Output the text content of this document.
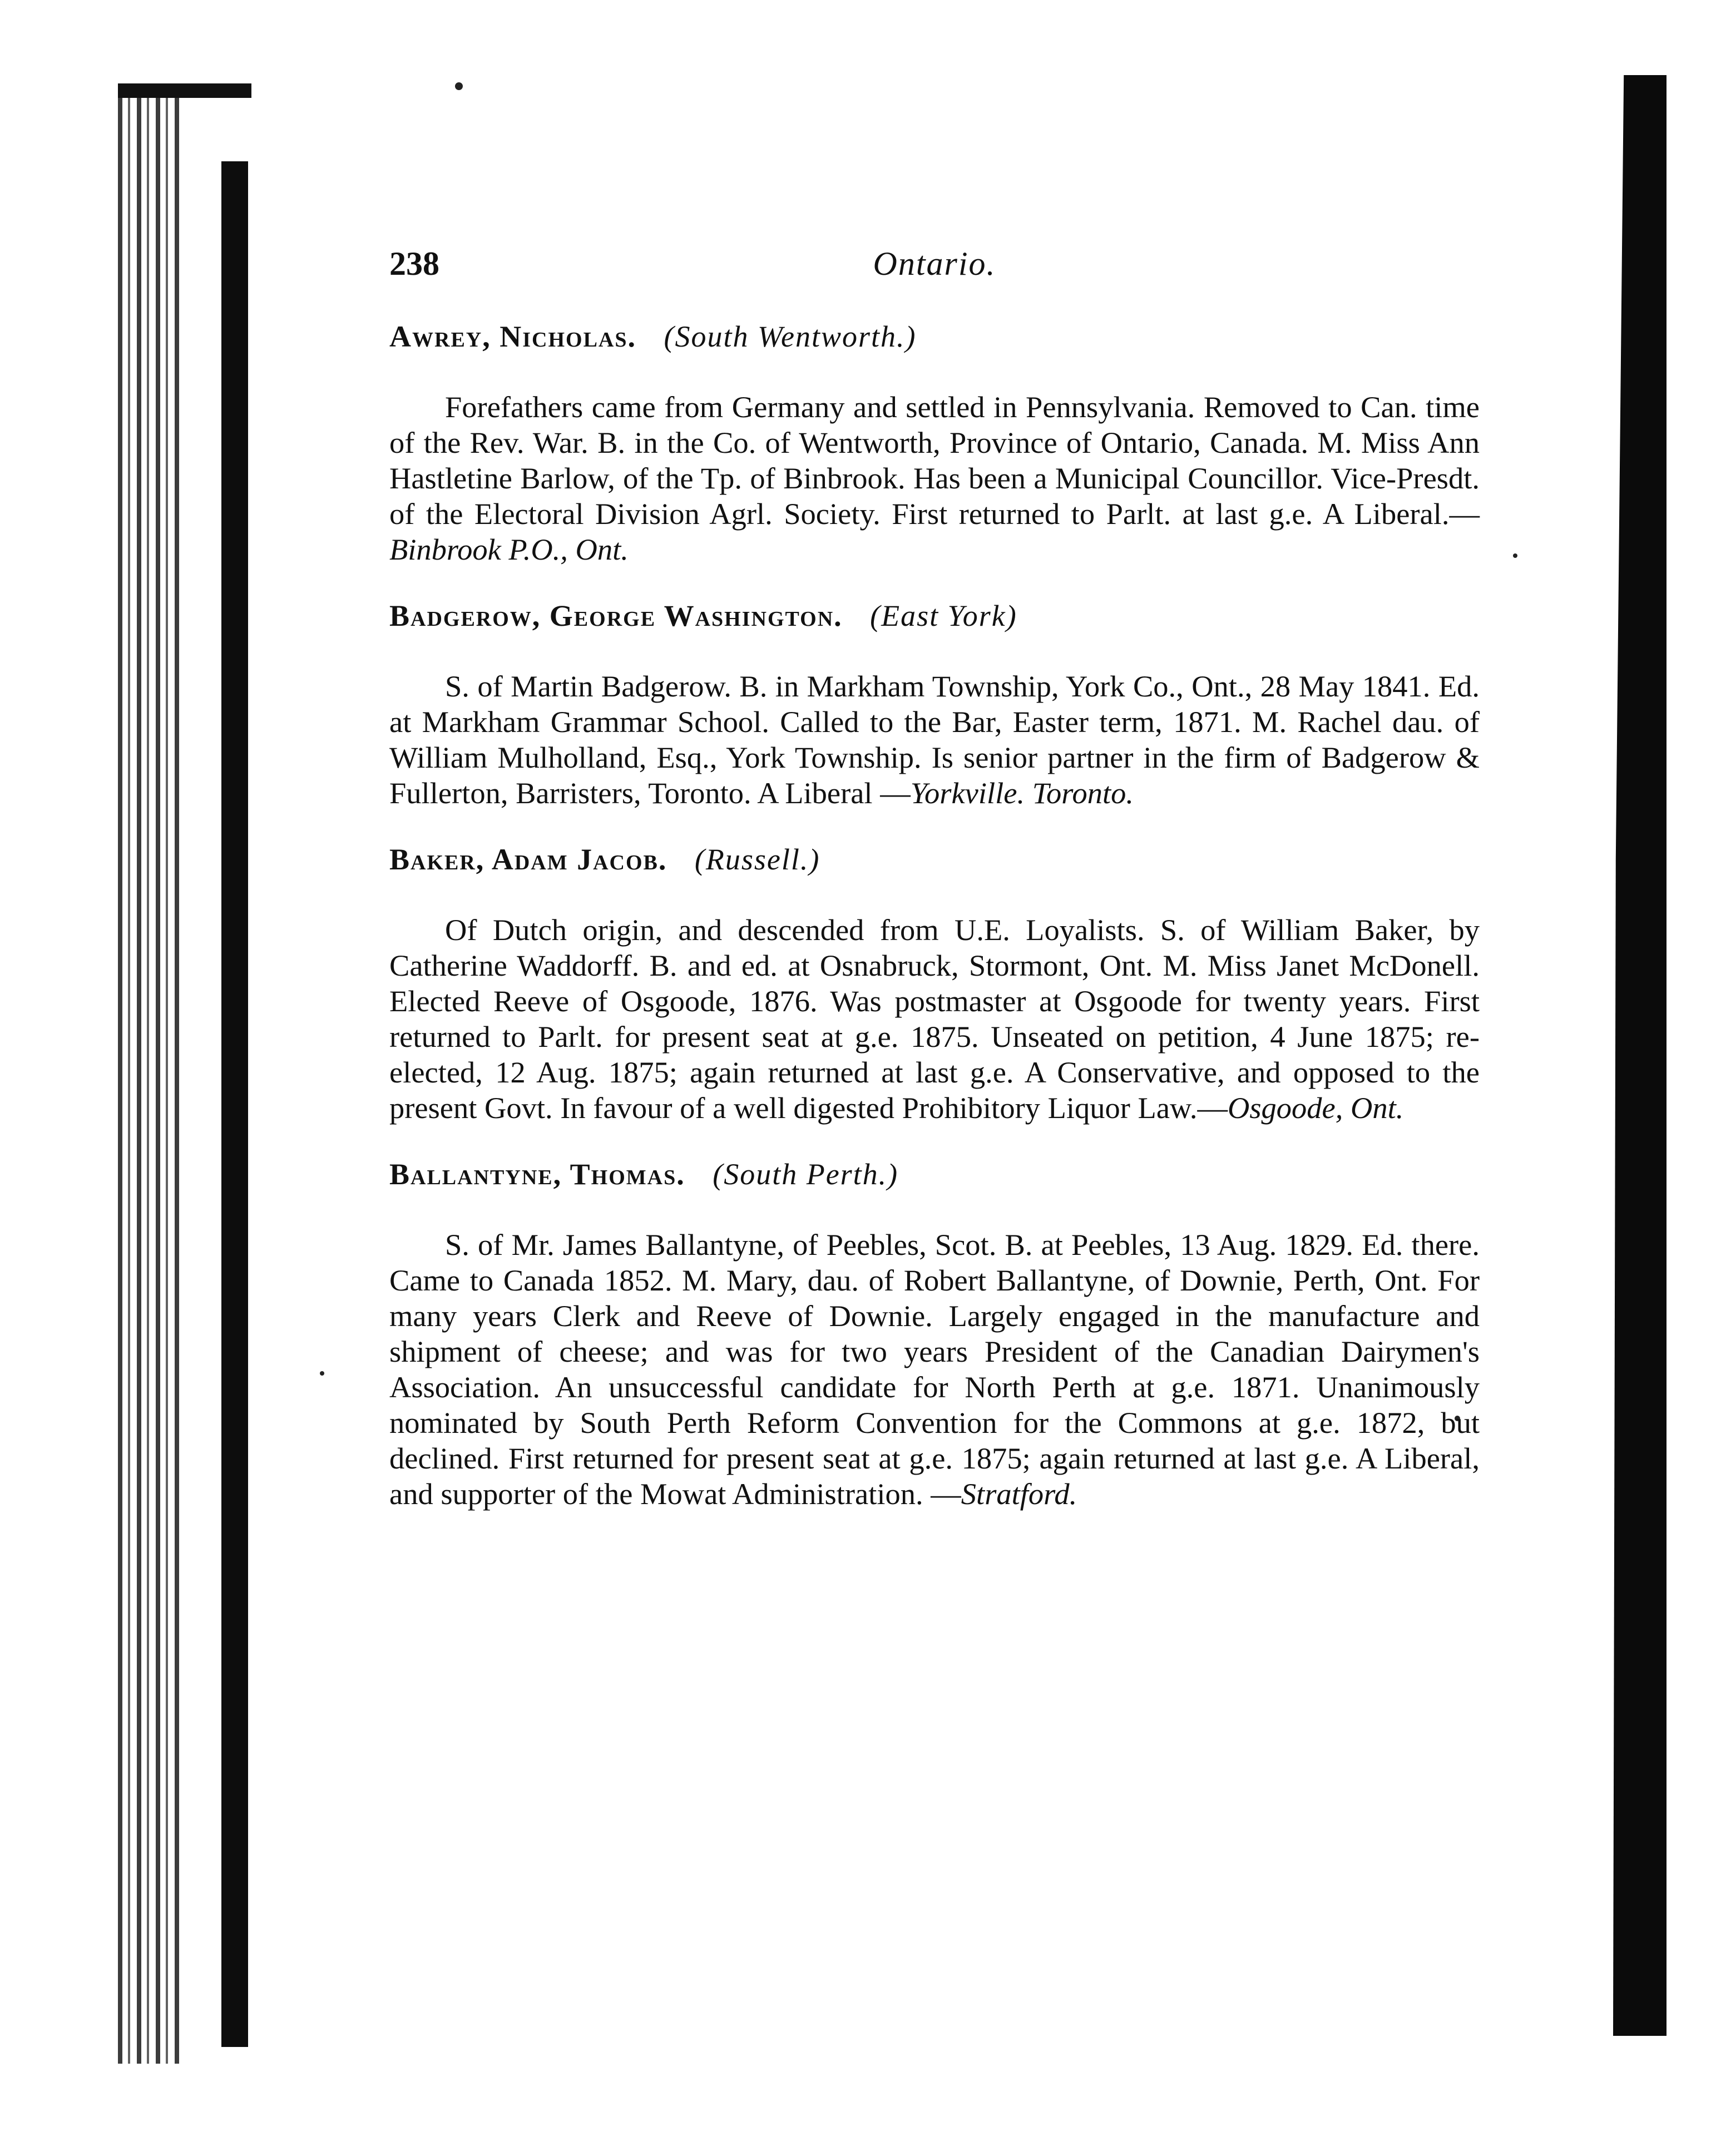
238	Ontario.
Awrey, Nicholas. (South Wentworth.)

Forefathers came from Germany and settled in Pennsylvania. Removed to Can. time of the Rev. War. B. in the Co. of Wentworth, Province of Ontario, Canada. M. Miss Ann Hastletine Barlow, of the Tp. of Binbrook. Has been a Municipal Councillor. Vice-Presdt. of the Electoral Division Agrl. Society. First returned to Parlt. at last g.e. A Liberal.—Binbrook P.O., Ont.

Badgerow, George Washington. (East York)

S. of Martin Badgerow. B. in Markham Township, York Co., Ont., 28 May 1841. Ed. at Markham Grammar School. Called to the Bar, Easter term, 1871. M. Rachel dau. of William Mulholland, Esq., York Township. Is senior partner in the firm of Badgerow & Fullerton, Barristers, Toronto. A Liberal —Yorkville. Toronto.

Baker, Adam Jacob. (Russell.)

Of Dutch origin, and descended from U.E. Loyalists. S. of William Baker, by Catherine Waddorff. B. and ed. at Osnabruck, Stormont, Ont. M. Miss Janet McDonell. Elected Reeve of Osgoode, 1876. Was postmaster at Osgoode for twenty years. First returned to Parlt. for present seat at g.e. 1875. Unseated on petition, 4 June 1875; re-elected, 12 Aug. 1875; again returned at last g.e. A Conservative, and opposed to the present Govt. In favour of a well digested Prohibitory Liquor Law.—Osgoode, Ont.

Ballantyne, Thomas. (South Perth.)

S. of Mr. James Ballantyne, of Peebles, Scot. B. at Peebles, 13 Aug. 1829. Ed. there. Came to Canada 1852. M. Mary, dau. of Robert Ballantyne, of Downie, Perth, Ont. For many years Clerk and Reeve of Downie. Largely engaged in the manufacture and shipment of cheese; and was for two years President of the Canadian Dairymen's Association. An unsuccessful candidate for North Perth at g.e. 1871. Unanimously nominated by South Perth Reform Convention for the Commons at g.e. 1872, but declined. First returned for present seat at g.e. 1875; again returned at last g.e. A Liberal, and supporter of the Mowat Administration. —Stratford.
